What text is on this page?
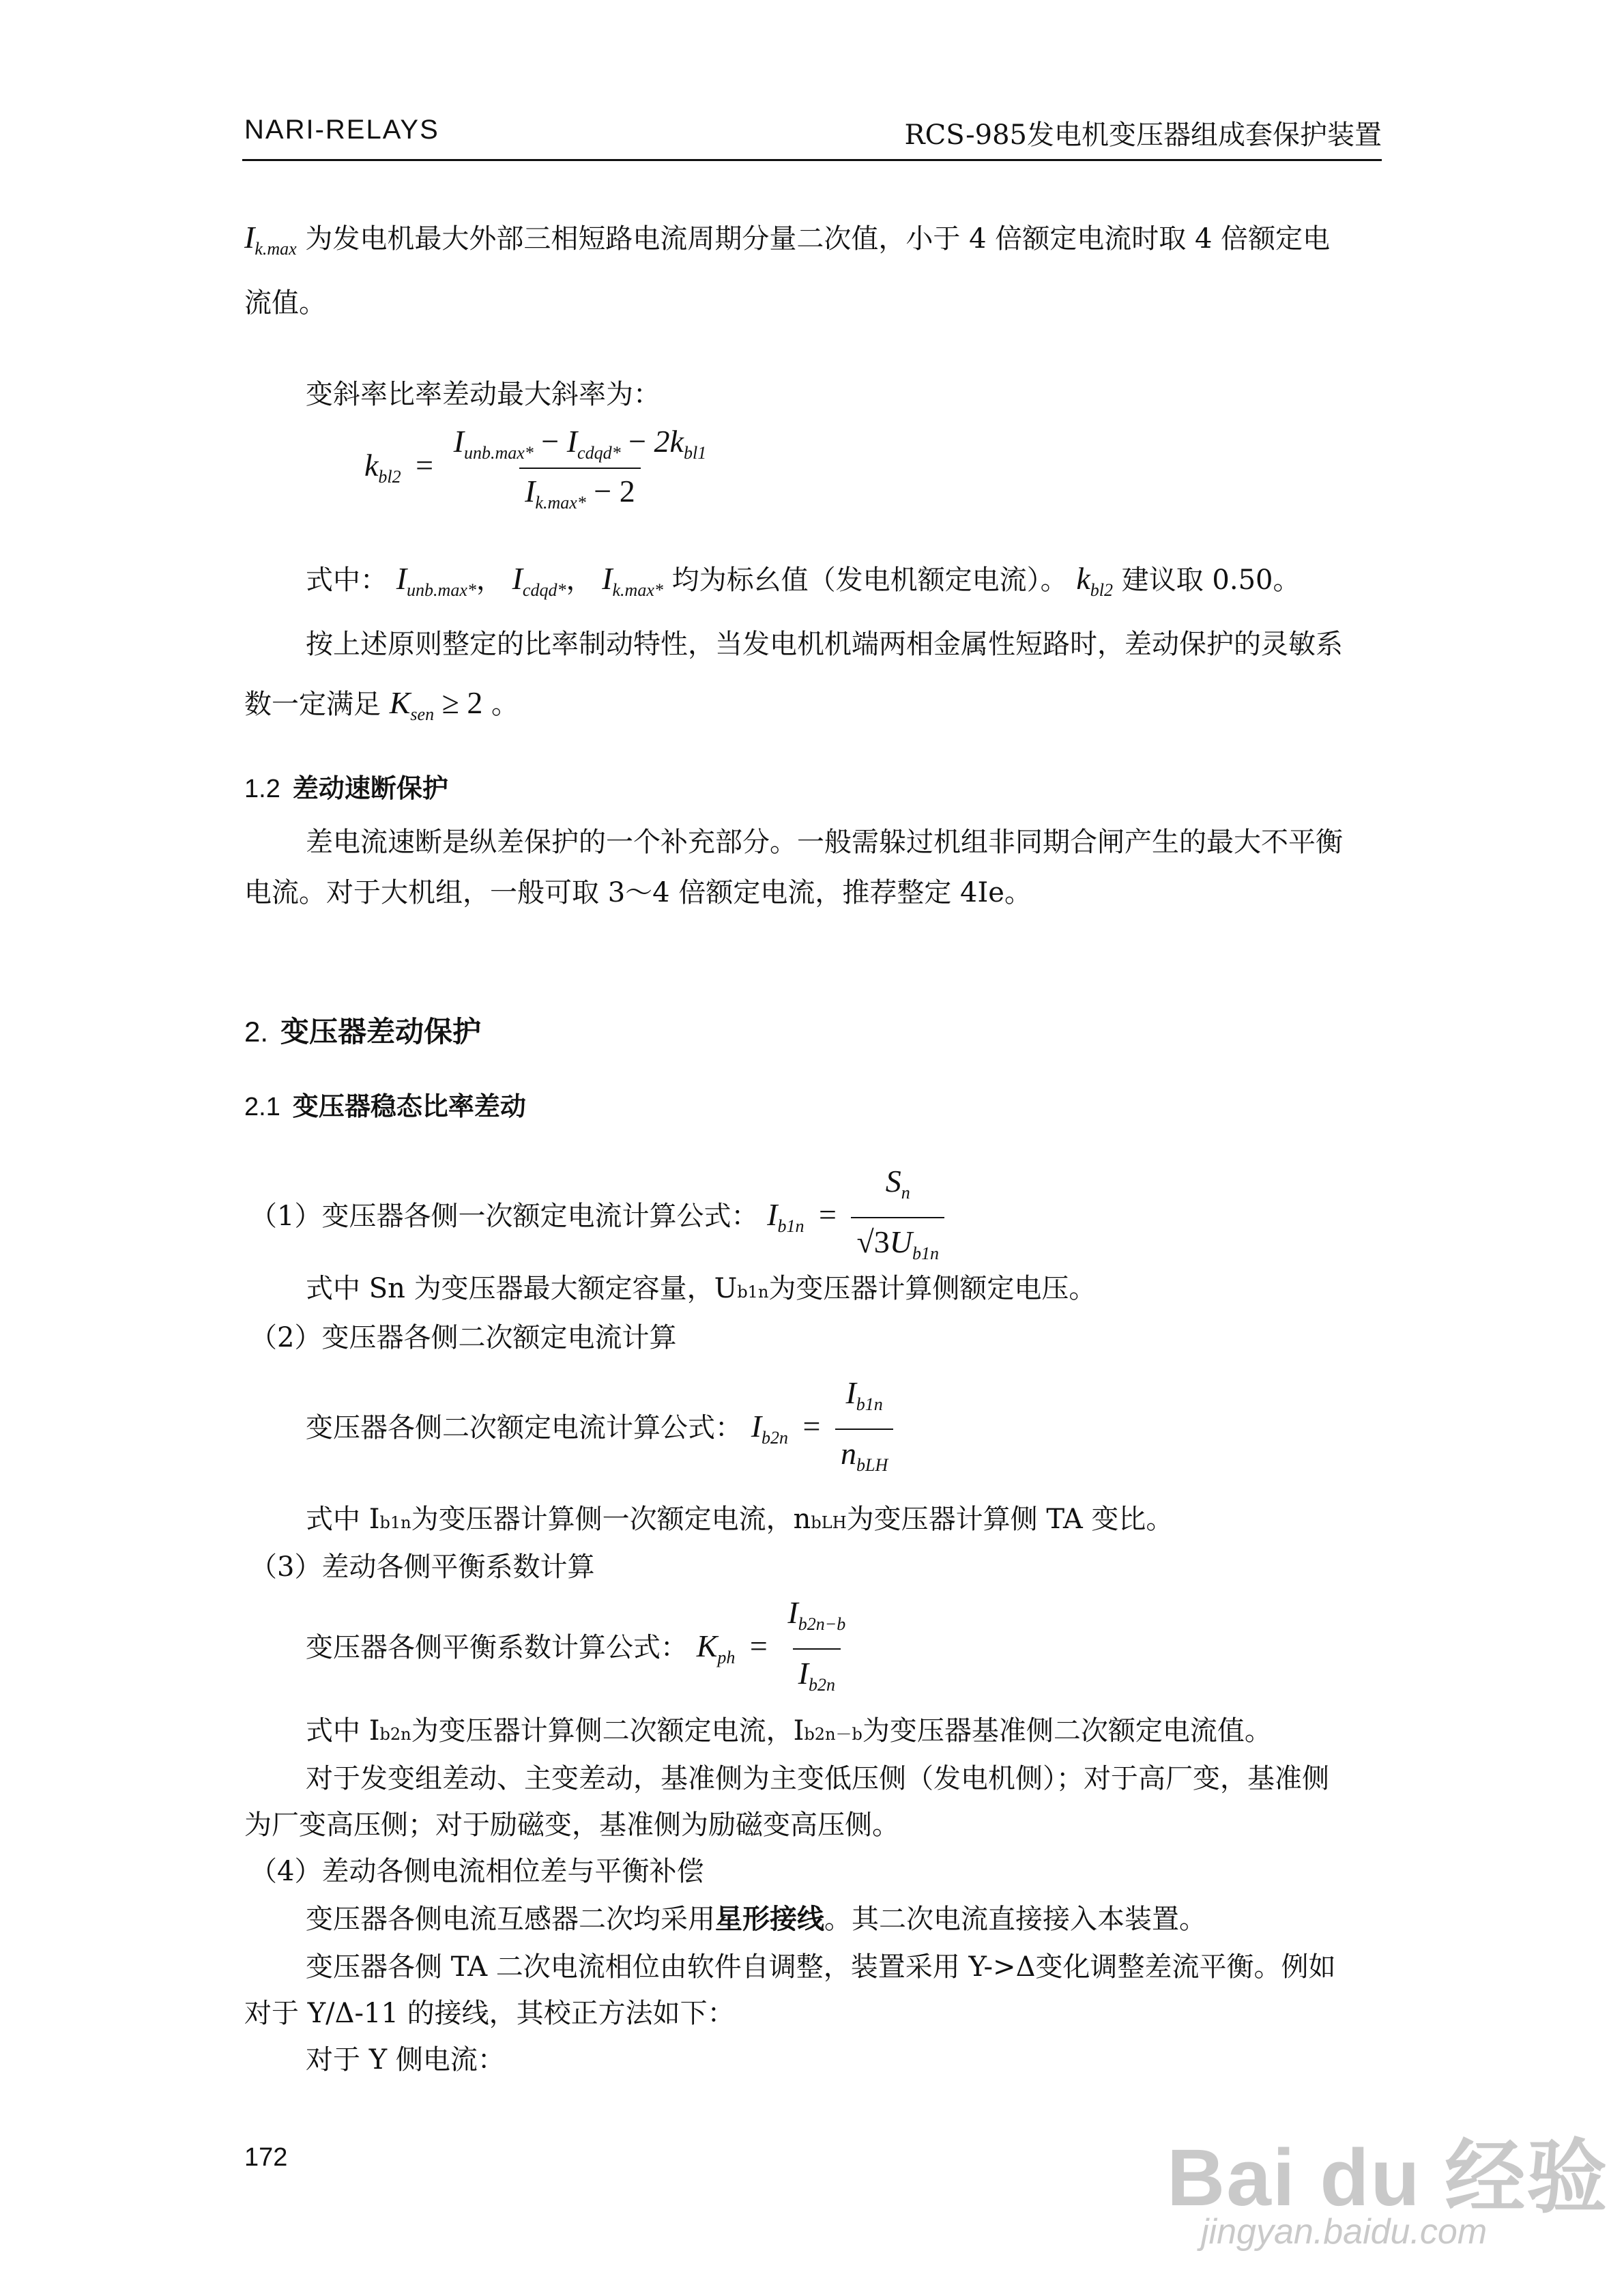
NARI-RELAYS	RCS-985发电机变压器组成套保护装置
$I_{k.max}$ 为发电机最大外部三相短路电流周期分量二次值，小于 4 倍额定电流时取 4 倍额定电
流值。
变斜率比率差动最大斜率为：
$k_{bl2} = \frac{I_{unb.max*} - I_{cdqd*} - 2k_{bl1}}{I_{k.max*} - 2}$
式中： $I_{unb.max*}$， $I_{cdqd*}$， $I_{k.max*}$ 均为标幺值（发电机额定电流）。 $k_{bl2}$ 建议取 0.50。
按上述原则整定的比率制动特性，当发电机机端两相金属性短路时，差动保护的灵敏系
数一定满足 $K_{sen} \ge 2$ 。
1.2 差动速断保护
差电流速断是纵差保护的一个补充部分。一般需躲过机组非同期合闸产生的最大不平衡
电流。对于大机组，一般可取 3～4 倍额定电流，推荐整定 4Ie。
2. 变压器差动保护
2.1 变压器稳态比率差动
（1）变压器各侧一次额定电流计算公式： $I_{b1n} = \frac{S_n}{√3U_{b1n}}$
式中 Sn 为变压器最大额定容量，Ub1n为变压器计算侧额定电压。
（2）变压器各侧二次额定电流计算
变压器各侧二次额定电流计算公式： $I_{b2n} = \frac{I_{b1n}}{n_{bLH}}$
式中 Ib1n为变压器计算侧一次额定电流，nbLH为变压器计算侧 TA 变比。
（3）差动各侧平衡系数计算
变压器各侧平衡系数计算公式： $K_{ph} = \frac{I_{b2n-b}}{I_{b2n}}$
式中 Ib2n为变压器计算侧二次额定电流，Ib2n－b为变压器基准侧二次额定电流值。
对于发变组差动、主变差动，基准侧为主变低压侧（发电机侧）；对于高厂变，基准侧
为厂变高压侧；对于励磁变，基准侧为励磁变高压侧。
（4）差动各侧电流相位差与平衡补偿
变压器各侧电流互感器二次均采用星形接线。其二次电流直接接入本装置。
变压器各侧 TA 二次电流相位由软件自调整，装置采用 Y->Δ变化调整差流平衡。例如
对于 Y/Δ-11 的接线，其校正方法如下：
对于 Y 侧电流：
172	Bai du 经验
jingyan.baidu.com
